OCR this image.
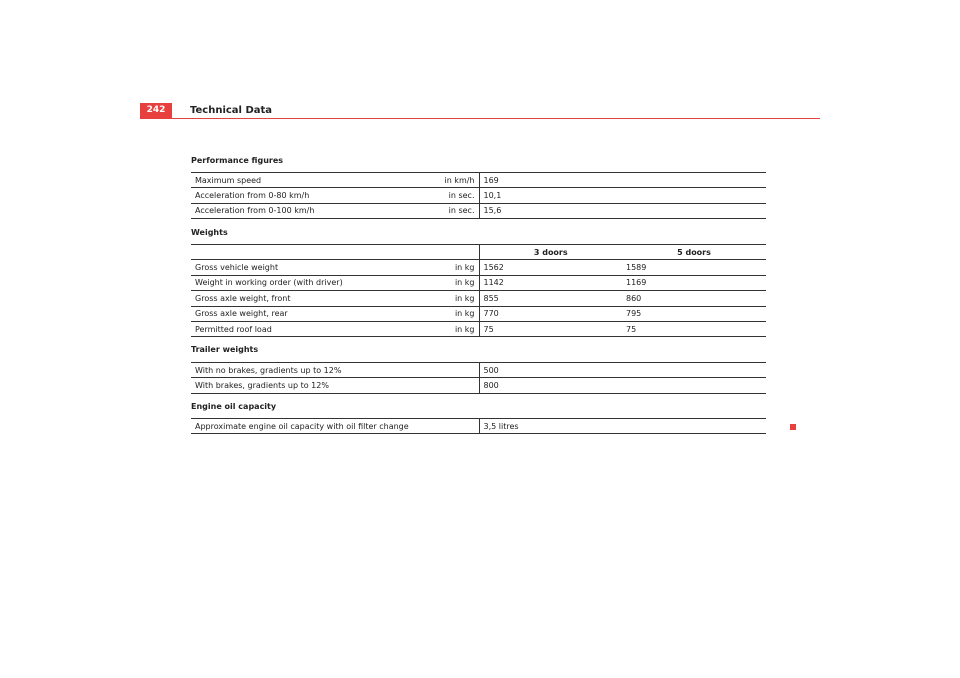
242	Technical Data
Performance figures
Maximum speed in km/h	169

Acceleration from 0-80 km/h in sec.	10,1

Acceleration from 0-100 km/h in sec.	15,6
Weights
	3 doors	5 doors

Gross vehicle weight in kg	1562	1589

Weight in working order (with driver) in kg	1142	1169

Gross axle weight, front in kg	855	860

Gross axle weight, rear in kg	770	795

Permitted roof load in kg	75	75
Trailer weights
With no brakes, gradients up to 12%	500
With brakes, gradients up to 12%	800
Engine oil capacity
Approximate engine oil capacity with oil filter change	3,5 litres
